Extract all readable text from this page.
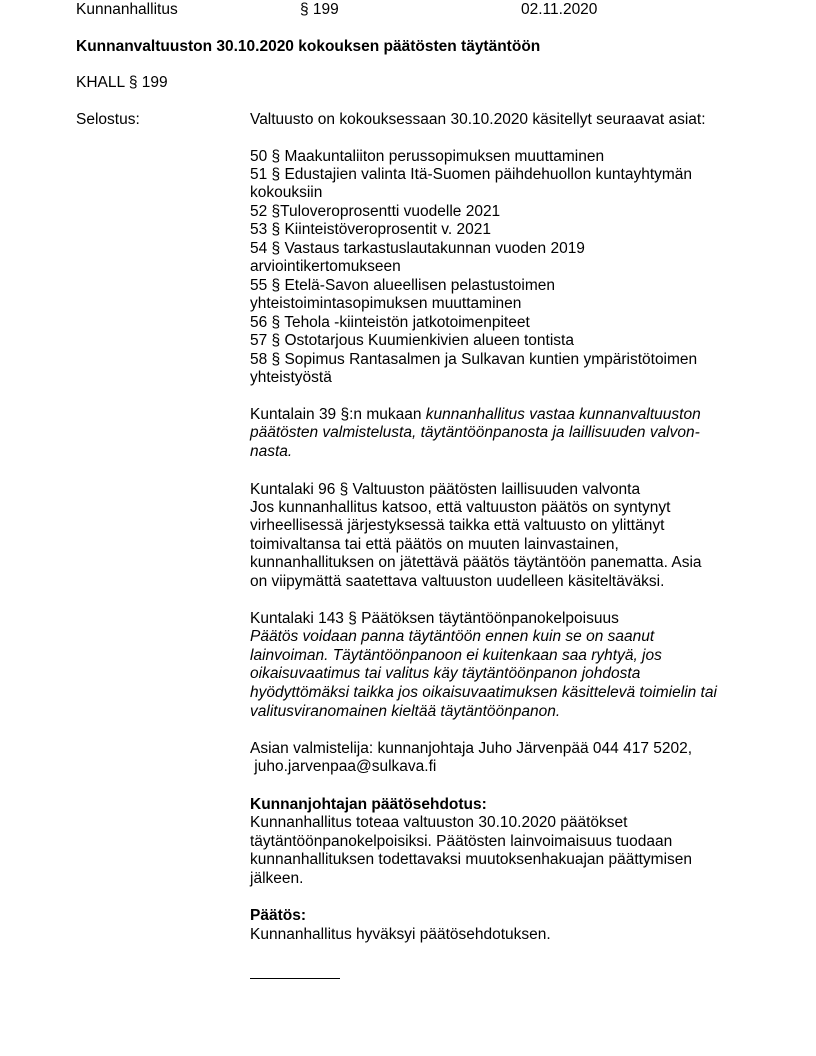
Kunnanhallitus	§ 199	02.11.2020
Kunnanvaltuuston 30.10.2020 kokouksen päätösten täytäntöön
KHALL § 199
Selostus:	Valtuusto on kokouksessaan 30.10.2020 käsitellyt seuraavat asiat:
50 § Maakuntaliiton perussopimuksen muuttaminen
51 § Edustajien valinta Itä-Suomen päihdehuollon kuntayhtymän
kokouksiin
52 §Tuloveroprosentti vuodelle 2021
53 § Kiinteistöveroprosentit v. 2021
54 § Vastaus tarkastuslautakunnan vuoden 2019
arviointikertomukseen
55 § Etelä-Savon alueellisen pelastustoimen
yhteistoimintasopimuksen muuttaminen
56 § Tehola -kiinteistön jatkotoimenpiteet
57 § Ostotarjous Kuumienkivien alueen tontista
58 § Sopimus Rantasalmen ja Sulkavan kuntien ympäristötoimen
yhteistyöstä
Kuntalain 39 §:n mukaan kunnanhallitus vastaa kunnanvaltuuston
päätösten valmistelusta, täytäntöönpanosta ja laillisuuden valvon-
nasta.
Kuntalaki 96 § Valtuuston päätösten laillisuuden valvonta
Jos kunnanhallitus katsoo, että valtuuston päätös on syntynyt
virheellisessä järjestyksessä taikka että valtuusto on ylittänyt
toimivaltansa tai että päätös on muuten lainvastainen,
kunnanhallituksen on jätettävä päätös täytäntöön panematta. Asia
on viipymättä saatettava valtuuston uudelleen käsiteltäväksi.
Kuntalaki 143 § Päätöksen täytäntöönpanokelpoisuus
Päätös voidaan panna täytäntöön ennen kuin se on saanut
lainvoiman. Täytäntöönpanoon ei kuitenkaan saa ryhtyä, jos
oikaisuvaatimus tai valitus käy täytäntöönpanon johdosta
hyödyttömäksi taikka jos oikaisuvaatimuksen käsittelevä toimielin tai
valitusviranomainen kieltää täytäntöönpanon.
Asian valmistelija: kunnanjohtaja Juho Järvenpää 044 417 5202,
juho.jarvenpaa@sulkava.fi
Kunnanjohtajan päätösehdotus:
Kunnanhallitus toteaa valtuuston 30.10.2020 päätökset
täytäntöönpanokelpoisiksi. Päätösten lainvoimaisuus tuodaan
kunnanhallituksen todettavaksi muutoksenhakuajan päättymisen
jälkeen.
Päätös:
Kunnanhallitus hyväksyi päätösehdotuksen.
